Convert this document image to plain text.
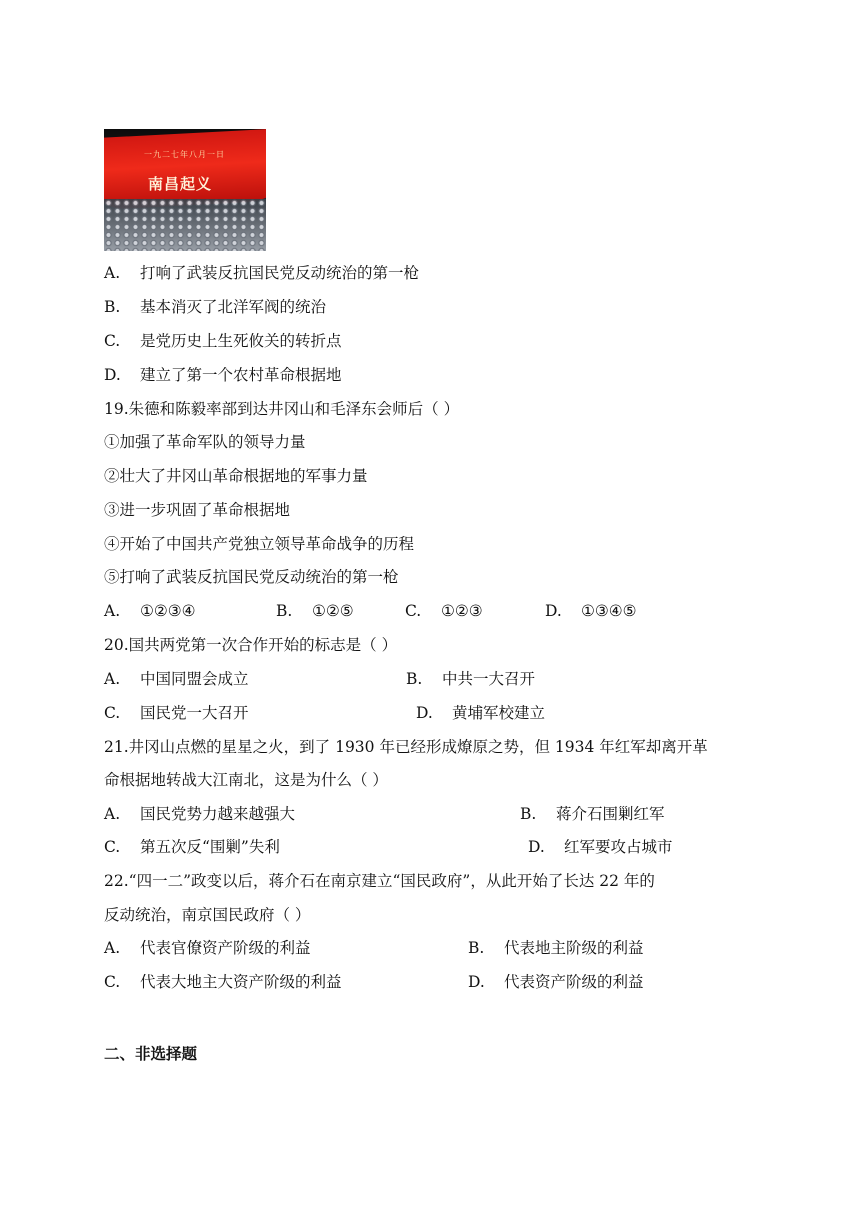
一九二七年八月一日
南昌起义
A. 打响了武装反抗国民党反动统治的第一枪
B. 基本消灭了北洋军阀的统治
C. 是党历史上生死攸关的转折点
D. 建立了第一个农村革命根据地
19.朱德和陈毅率部到达井冈山和毛泽东会师后（ ）
①加强了革命军队的领导力量
②壮大了井冈山革命根据地的军事力量
③进一步巩固了革命根据地
④开始了中国共产党独立领导革命战争的历程
⑤打响了武装反抗国民党反动统治的第一枪
A. ①②③④	B. ①②⑤	C. ①②③	D. ①③④⑤
20.国共两党第一次合作开始的标志是（ ）
A. 中国同盟会成立	B. 中共一大召开
C. 国民党一大召开	D. 黄埔军校建立
21.井冈山点燃的星星之火，到了 1930 年已经形成燎原之势，但 1934 年红军却离开革
命根据地转战大江南北，这是为什么（ ）
A. 国民党势力越来越强大	B. 蒋介石围剿红军
C. 第五次反“围剿”失利	D. 红军要攻占城市
22.“四一二”政变以后，蒋介石在南京建立“国民政府”，从此开始了长达 22 年的
反动统治，南京国民政府（ ）
A. 代表官僚资产阶级的利益	B. 代表地主阶级的利益
C. 代表大地主大资产阶级的利益	D. 代表资产阶级的利益
二、非选择题
